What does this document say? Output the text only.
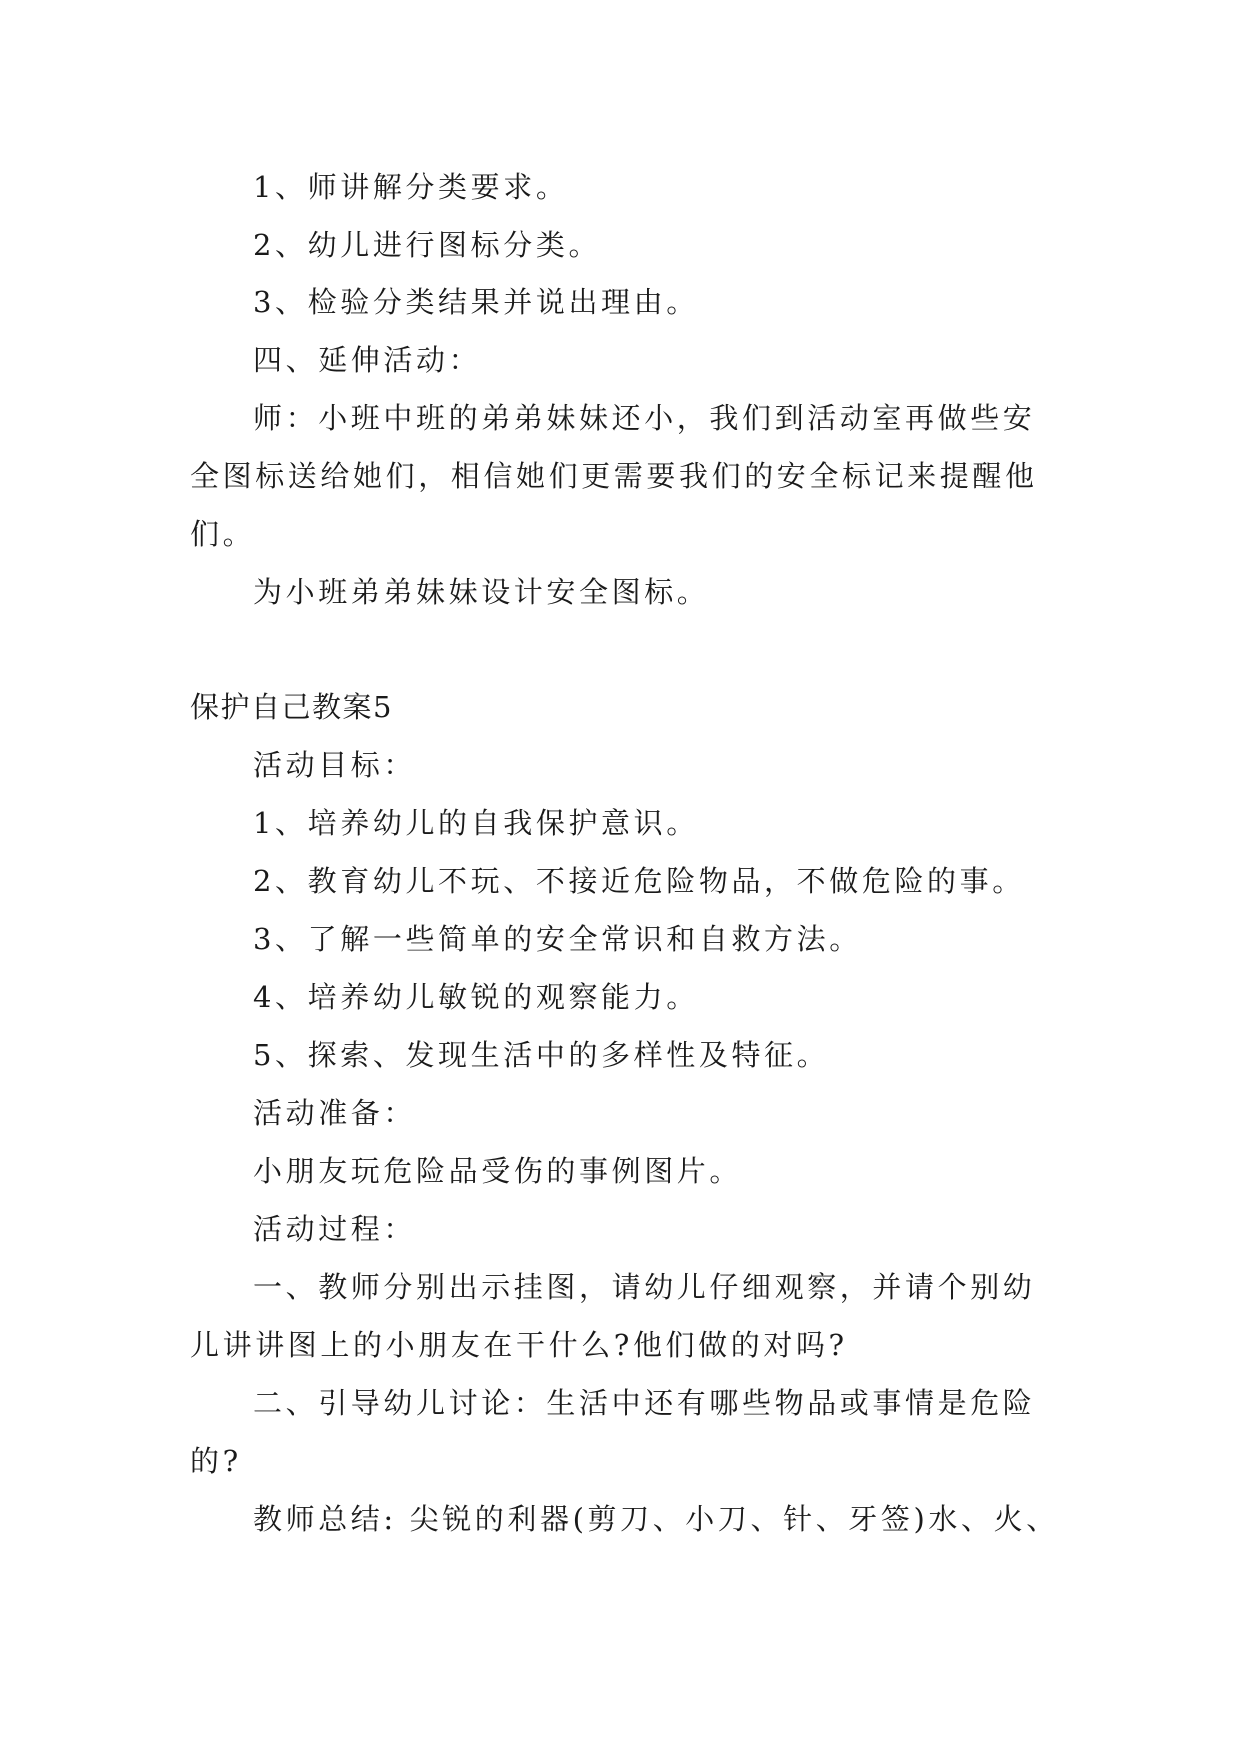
1、师讲解分类要求。

2、幼儿进行图标分类。

3、检验分类结果并说出理由。

四、延伸活动：

师：小班中班的弟弟妹妹还小，我们到活动室再做些安

全图标送给她们，相信她们更需要我们的安全标记来提醒他

们。

为小班弟弟妹妹设计安全图标。

保护自己教案5

活动目标：

1、培养幼儿的自我保护意识。

2、教育幼儿不玩、不接近危险物品，不做危险的事。

3、了解一些简单的安全常识和自救方法。

4、培养幼儿敏锐的观察能力。

5、探索、发现生活中的多样性及特征。

活动准备：

小朋友玩危险品受伤的事例图片。

活动过程：

一、教师分别出示挂图，请幼儿仔细观察，并请个别幼

儿讲讲图上的小朋友在干什么?他们做的对吗?

二、引导幼儿讨论：生活中还有哪些物品或事情是危险

的?

教师总结: 尖锐的利器(剪刀、小刀、针、牙签)水、火、
